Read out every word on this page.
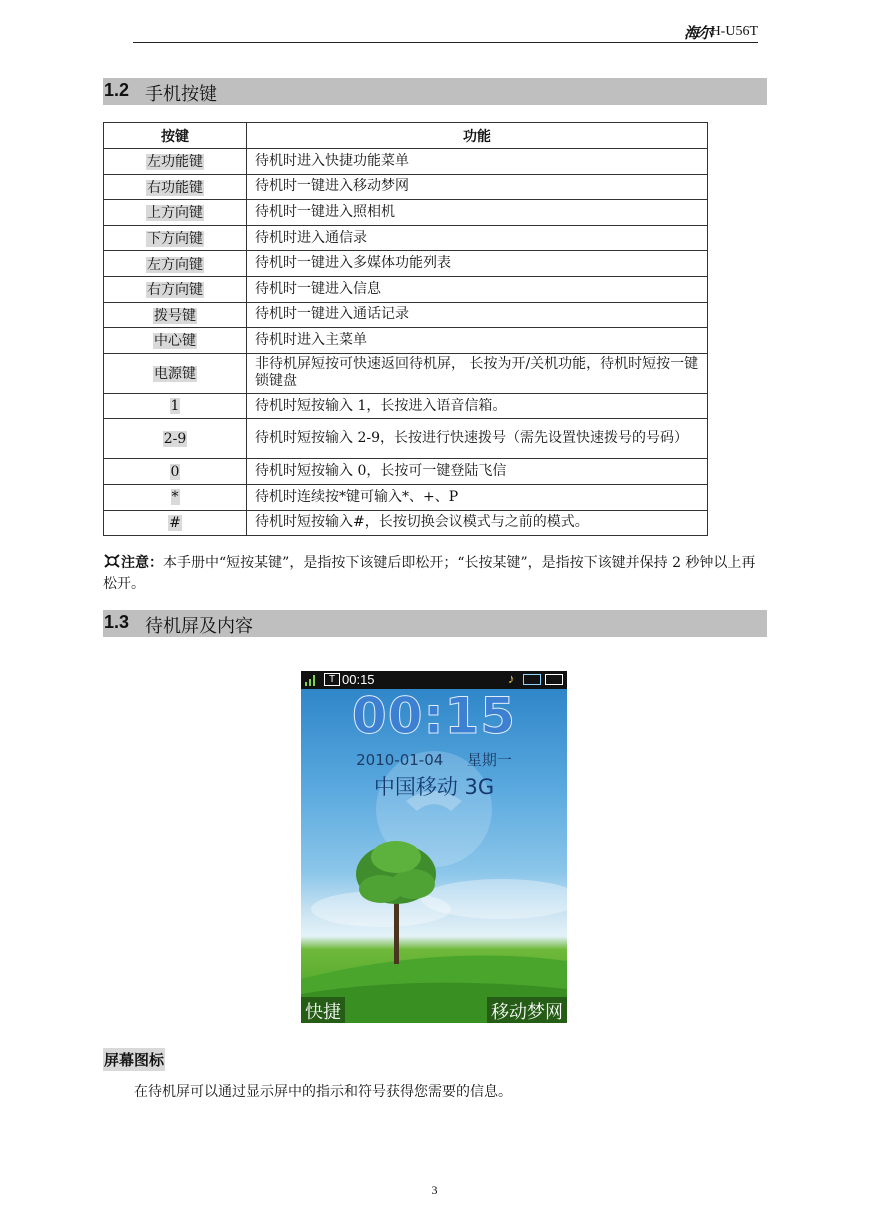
海尔
H-U56T
1.2 手机按键
按键	功能
左功能键	待机时进入快捷功能菜单
右功能键	待机时一键进入移动梦网
上方向键	待机时一键进入照相机
下方向键	待机时进入通信录
左方向键	待机时一键进入多媒体功能列表
右方向键	待机时一键进入信息
拨号键	待机时一键进入通话记录
中心键	待机时进入主菜单
电源键	非待机屏短按可快速返回待机屏， 长按为开/关机功能，待机时短按一键锁键盘
1	待机时短按输入 1，长按进入语音信箱。
2-9	待机时短按输入 2-9，长按进行快速拨号（需先设置快速拨号的号码）
0	待机时短按输入 0，长按可一键登陆飞信
*	待机时连续按*键可输入*、+、P
#	待机时短按输入#，长按切换会议模式与之前的模式。
注意：本手册中“短按某键”，是指按下该键后即松开；“长按某键”，是指按下该键并保持 2 秒钟以上再松开。
1.3 待机屏及内容
T 00:15	♪
00:15
2010-01-04 星期一
中国移动 3G
快捷	移动梦网
屏幕图标
在待机屏可以通过显示屏中的指示和符号获得您需要的信息。
3
